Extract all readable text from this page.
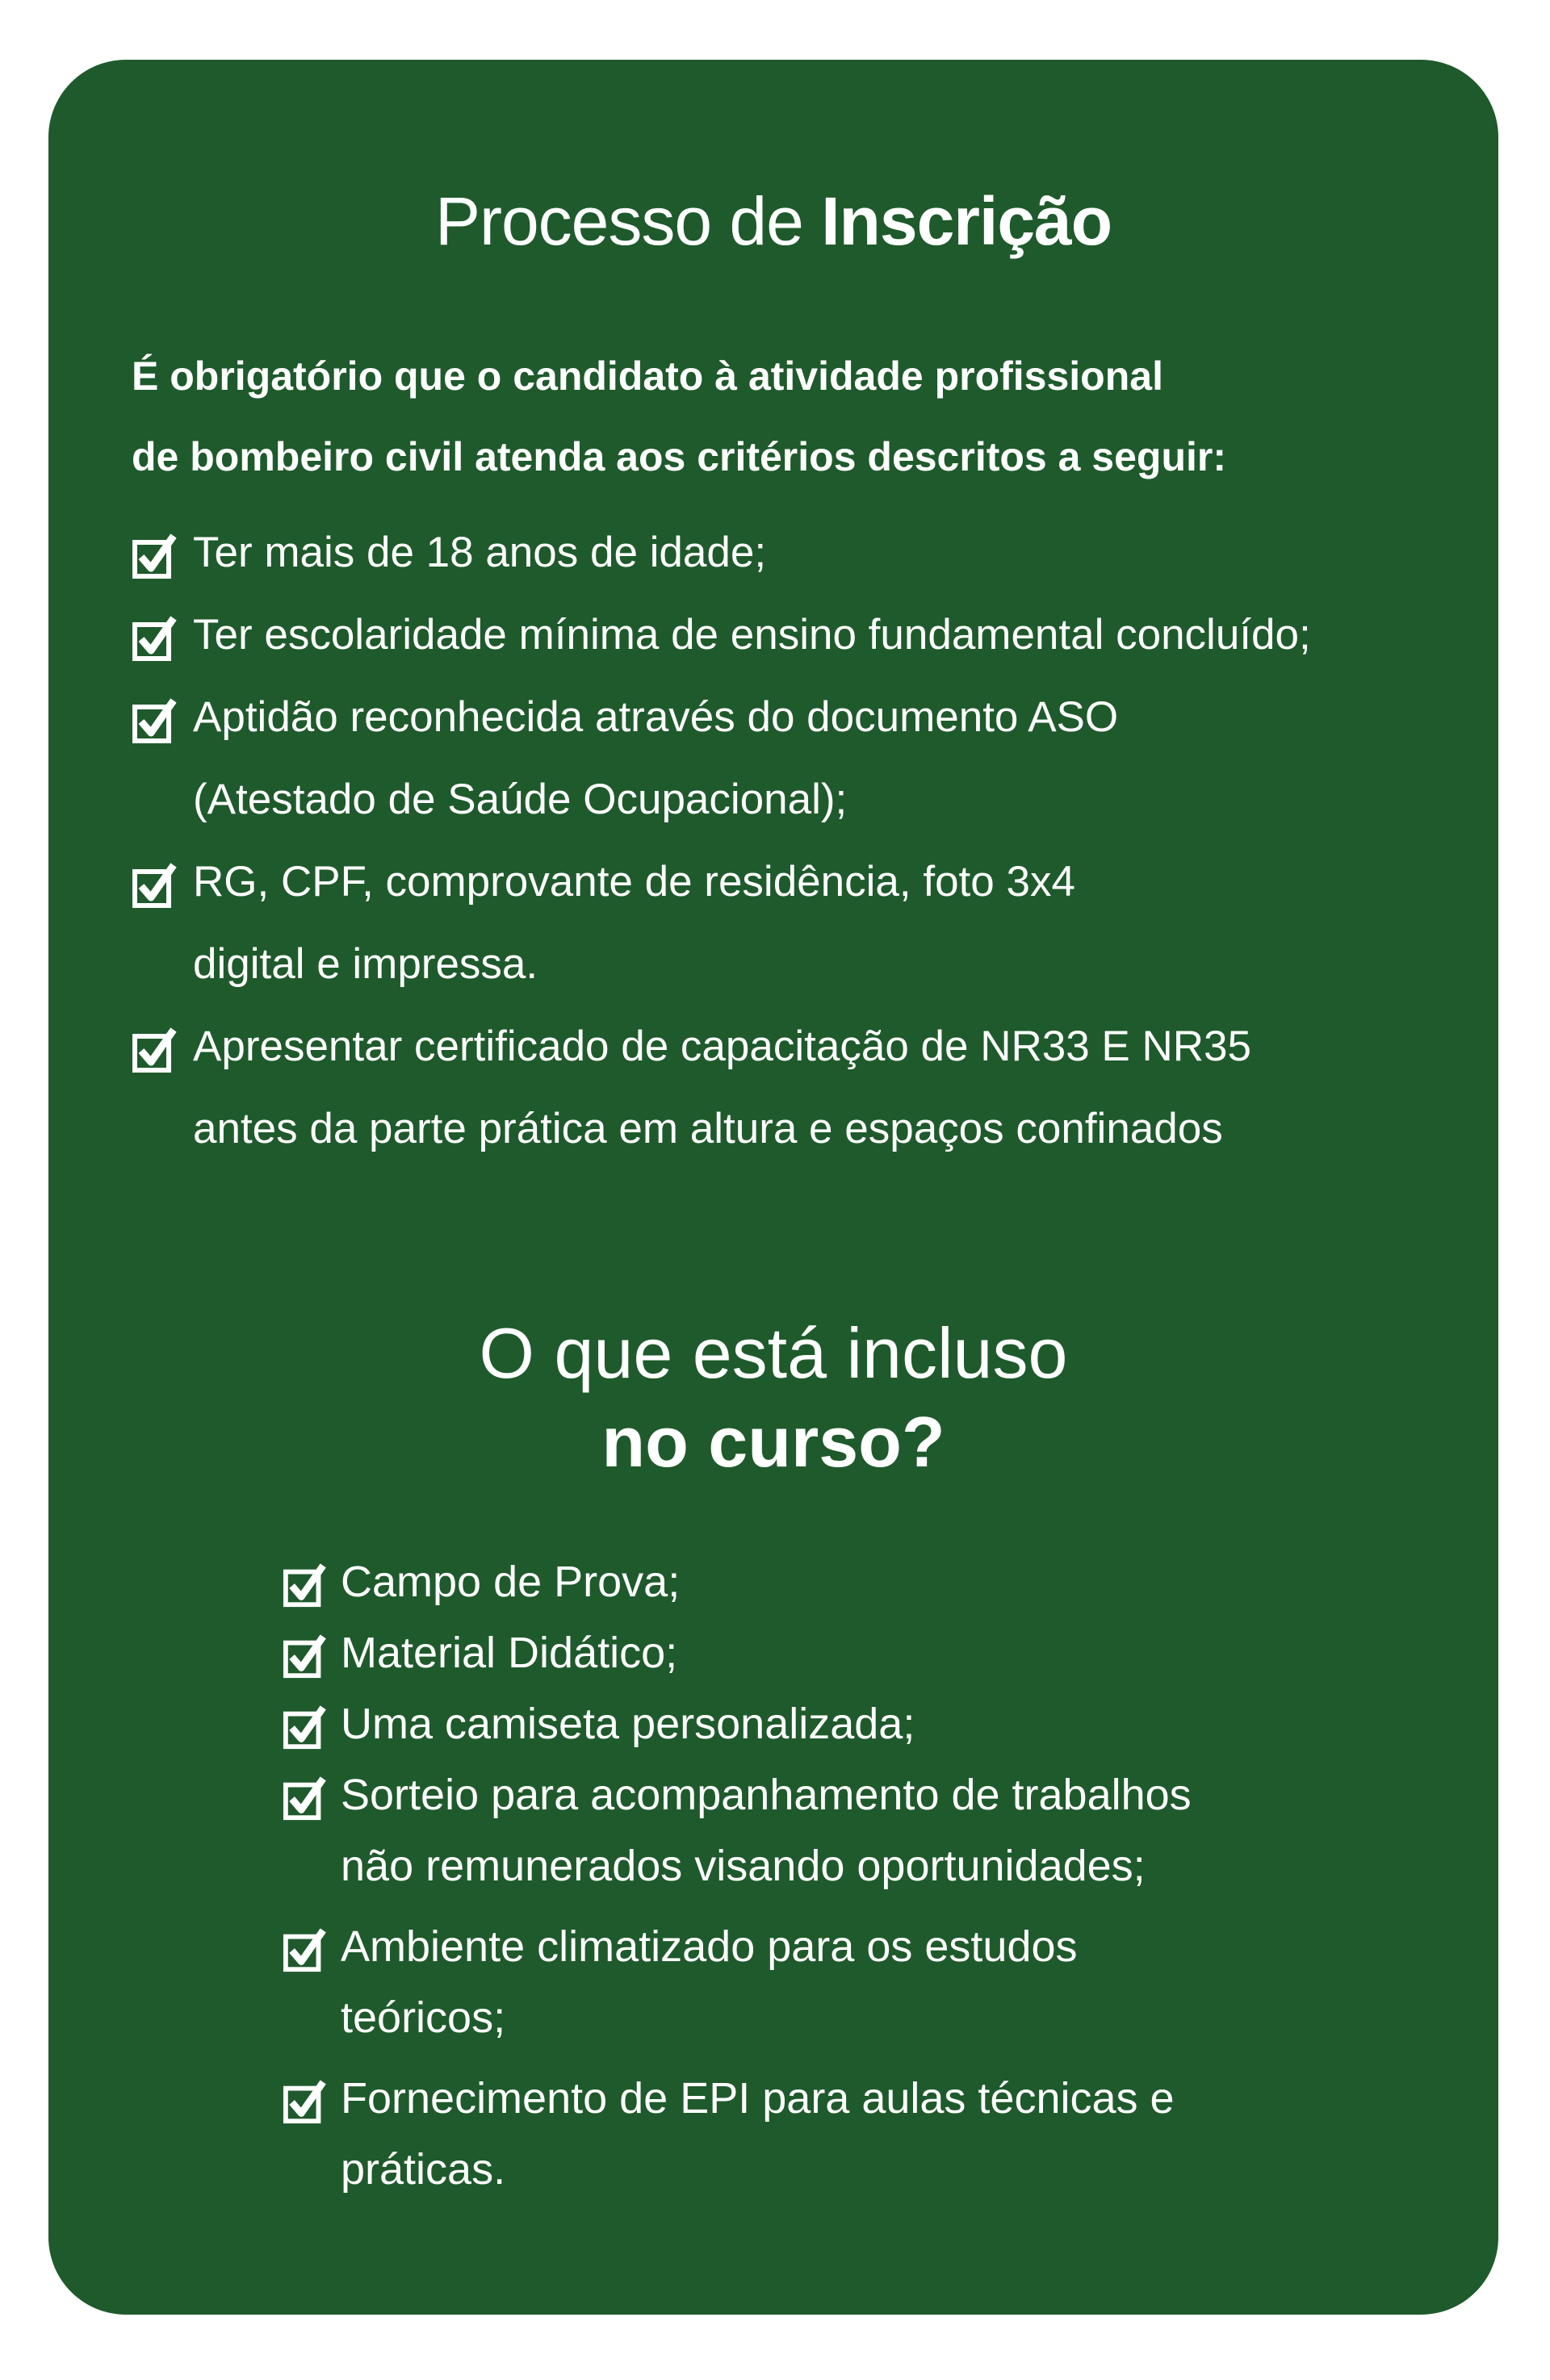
Processo de Inscrição
É obrigatório que o candidato à atividade profissional
de bombeiro civil atenda aos critérios descritos a seguir:
Ter mais de 18 anos de idade;
Ter escolaridade mínima de ensino fundamental concluído;
Aptidão reconhecida através do documento ASO
(Atestado de Saúde Ocupacional);
RG, CPF, comprovante de residência, foto 3x4
digital e impressa.
Apresentar certificado de capacitação de NR33 E NR35
antes da parte prática em altura e espaços confinados
O que está incluso
no curso?
Campo de Prova;
Material Didático;
Uma camiseta personalizada;
Sorteio para acompanhamento de trabalhos
não remunerados visando oportunidades;
Ambiente climatizado para os estudos
teóricos;
Fornecimento de EPI para aulas técnicas e
práticas.
